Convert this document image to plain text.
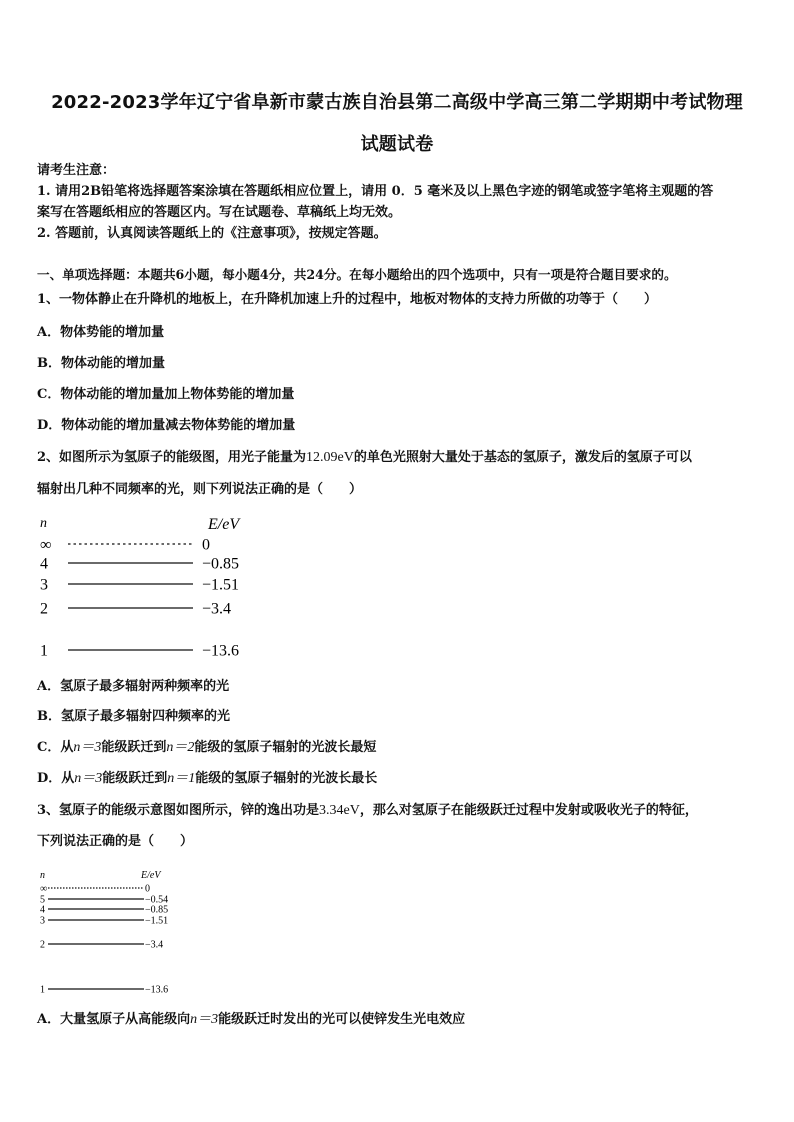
2022-2023学年辽宁省阜新市蒙古族自治县第二高级中学高三第二学期期中考试物理
试题试卷
请考生注意：
1. 请用2B铅笔将选择题答案涂填在答题纸相应位置上，请用 0．5 毫米及以上黑色字迹的钢笔或签字笔将主观题的答
案写在答题纸相应的答题区内。写在试题卷、草稿纸上均无效。
2. 答题前，认真阅读答题纸上的《注意事项》，按规定答题。
一、单项选择题：本题共6小题，每小题4分，共24分。在每小题给出的四个选项中，只有一项是符合题目要求的。
1、一物体静止在升降机的地板上，在升降机加速上升的过程中，地板对物体的支持力所做的功等于（　　）
A．物体势能的增加量
B．物体动能的增加量
C．物体动能的增加量加上物体势能的增加量
D．物体动能的增加量减去物体势能的增加量
2、如图所示为氢原子的能级图，用光子能量为12.09eV的单色光照射大量处于基态的氢原子，激发后的氢原子可以
辐射出几种不同频率的光，则下列说法正确的是（　　）
n	E/eV
∞	0
4	−0.85
3	−1.51
2	−3.4
1	−13.6
A．氢原子最多辐射两种频率的光
B．氢原子最多辐射四种频率的光
C．从n＝3能级跃迁到n＝2能级的氢原子辐射的光波长最短
D．从n＝3能级跃迁到n＝1能级的氢原子辐射的光波长最长
3、氢原子的能级示意图如图所示，锌的逸出功是3.34eV，那么对氢原子在能级跃迁过程中发射或吸收光子的特征，
下列说法正确的是（　　）
n	E/eV
∞	0
5	−0.54
4	−0.85
3	−1.51
2	−3.4
1	−13.6
A．大量氢原子从高能级向n＝3能级跃迁时发出的光可以使锌发生光电效应
